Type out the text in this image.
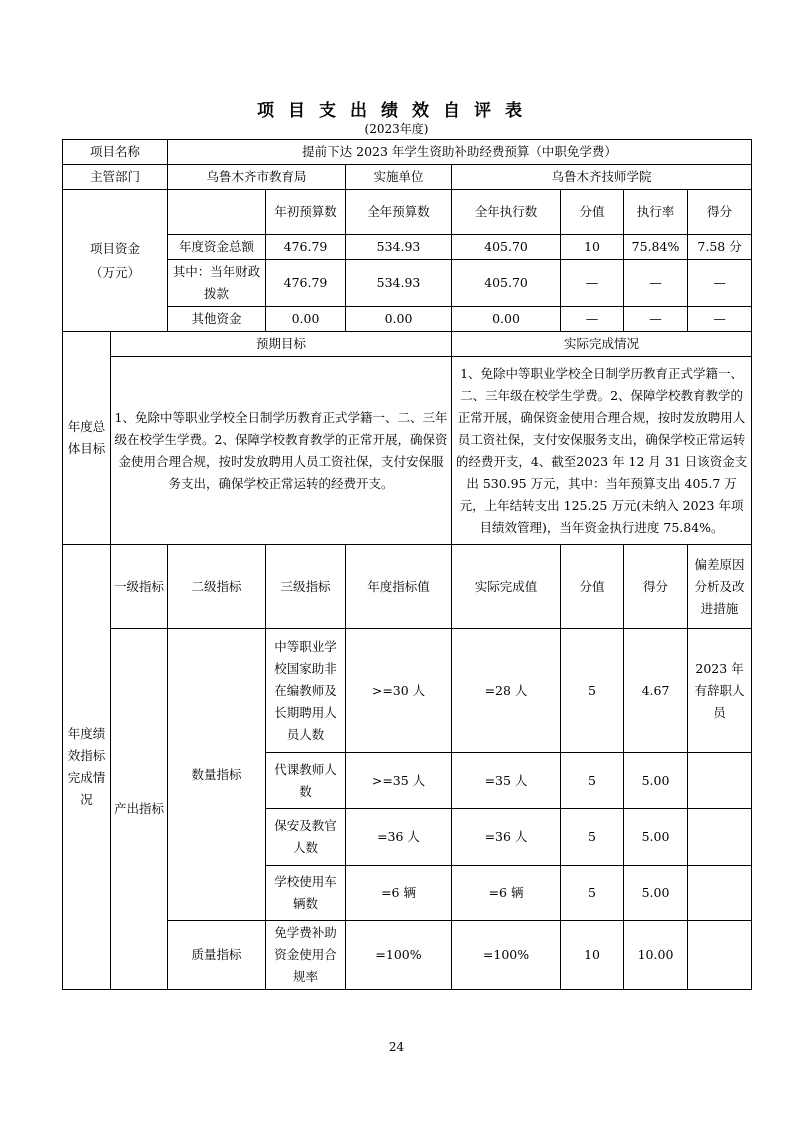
项目支出绩效自评表
(2023年度)
项目名称		提前下达 2023 年学生资助补助经费预算（中职免学费）						
主管部门		乌鲁木齐市教育局		实施单位	乌鲁木齐技师学院			
项目资金
（万元）			年初预算数	全年预算数	全年执行数	分值	执行率	得分
		年度资金总额	476.79	534.93	405.70	10	75.84%	7.58 分
		其中：当年财政拨款	476.79	534.93	405.70	—	—	—
		其他资金	0.00	0.00	0.00	—	—	—
年度总体目标	预期目标				实际完成情况			
	1、免除中等职业学校全日制学历教育正式学籍一、二、三年级在校学生学费。2、保障学校教育教学的正常开展，确保资金使用合理合规，按时发放聘用人员工资社保，支付安保服务支出，确保学校正常运转的经费开支。				1、免除中等职业学校全日制学历教育正式学籍一、二、三年级在校学生学费。2、保障学校教育教学的正常开展，确保资金使用合理合规，按时发放聘用人员工资社保，支付安保服务支出，确保学校正常运转的经费开支，4、截至2023 年 12 月 31 日该资金支出 530.95 万元，其中：当年预算支出 405.7 万元，上年结转支出 125.25 万元(未纳入 2023 年项目绩效管理)，当年资金执行进度 75.84%。			
年度绩效指标完成情况	一级指标	二级指标	三级指标	年度指标值	实际完成值	分值	得分	偏差原因分析及改进措施
	产出指标	数量指标	中等职业学校国家助非在编教师及长期聘用人员人数	>=30 人	=28 人	5	4.67	2023 年有辞职人员
			代课教师人数	>=35 人	=35 人	5	5.00	
			保安及教官人数	=36 人	=36 人	5	5.00	
			学校使用车辆数	=6 辆	=6 辆	5	5.00	
		质量指标	免学费补助资金使用合规率	=100%	=100%	10	10.00	
24
